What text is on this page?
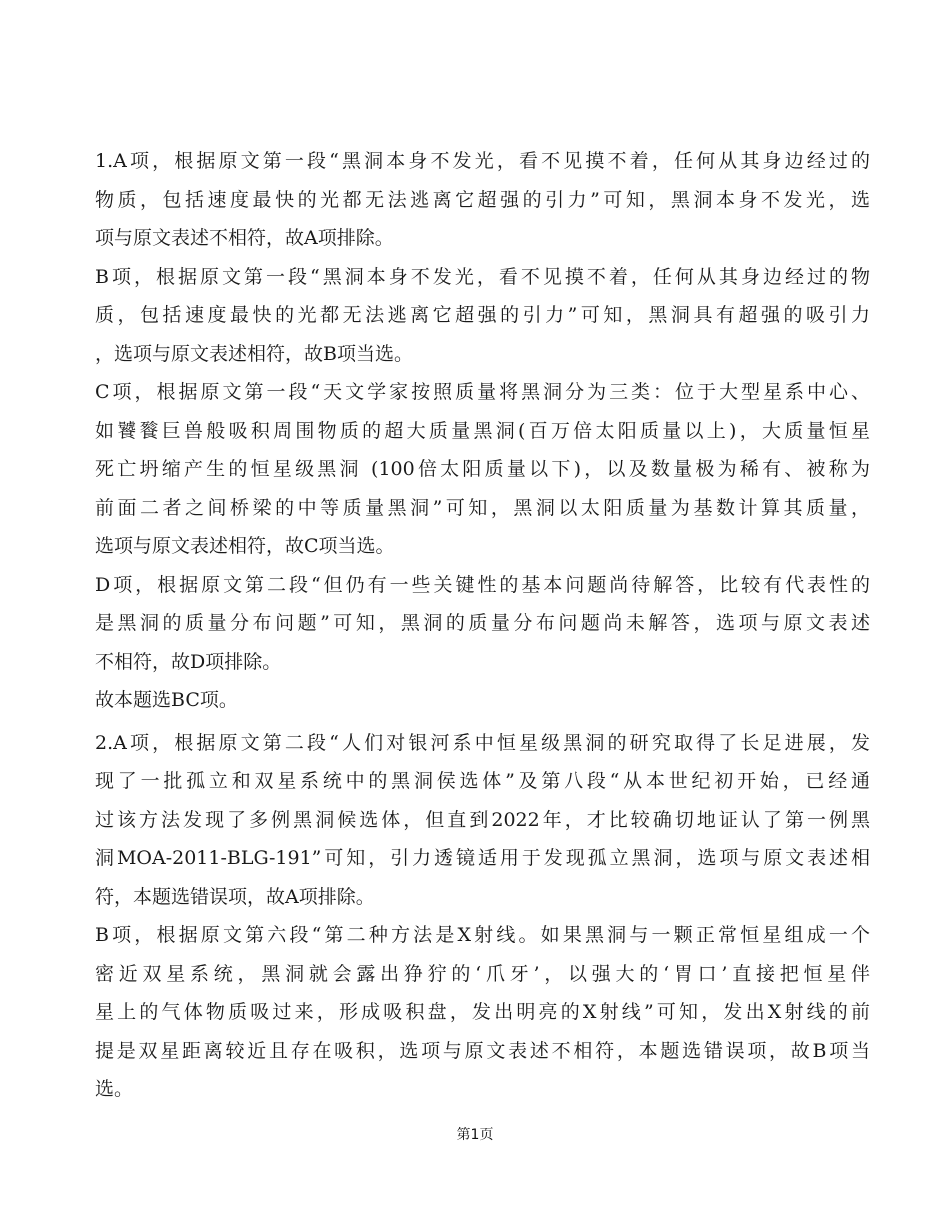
1.A项，根据原文第一段“黑洞本身不发光，看不见摸不着，任何从其身边经过的
物质，包括速度最快的光都无法逃离它超强的引力”可知，黑洞本身不发光，选
项与原文表述不相符，故A项排除。
B项，根据原文第一段“黑洞本身不发光，看不见摸不着，任何从其身边经过的物
质，包括速度最快的光都无法逃离它超强的引力”可知，黑洞具有超强的吸引力
，选项与原文表述相符，故B项当选。
C项，根据原文第一段“天文学家按照质量将黑洞分为三类：位于大型星系中心、
如饕餮巨兽般吸积周围物质的超大质量黑洞(百万倍太阳质量以上)，大质量恒星
死亡坍缩产生的恒星级黑洞 (100倍太阳质量以下)，以及数量极为稀有、被称为
前面二者之间桥梁的中等质量黑洞”可知，黑洞以太阳质量为基数计算其质量，
选项与原文表述相符，故C项当选。
D项，根据原文第二段“但仍有一些关键性的基本问题尚待解答，比较有代表性的
是黑洞的质量分布问题”可知，黑洞的质量分布问题尚未解答，选项与原文表述
不相符，故D项排除。
故本题选BC项。
2.A项，根据原文第二段“人们对银河系中恒星级黑洞的研究取得了长足进展，发
现了一批孤立和双星系统中的黑洞侯选体”及第八段“从本世纪初开始，已经通
过该方法发现了多例黑洞候选体，但直到2022年，才比较确切地证认了第一例黑
洞MOA-2011-BLG-191”可知，引力透镜适用于发现孤立黑洞，选项与原文表述相
符，本题选错误项，故A项排除。
B项，根据原文第六段“第二种方法是X射线。如果黑洞与一颗正常恒星组成一个
密近双星系统，黑洞就会露出狰狞的‘爪牙’，以强大的‘胃口’直接把恒星伴
星上的气体物质吸过来，形成吸积盘，发出明亮的X射线”可知，发出X射线的前
提是双星距离较近且存在吸积，选项与原文表述不相符，本题选错误项，故B项当
选。
第1页
